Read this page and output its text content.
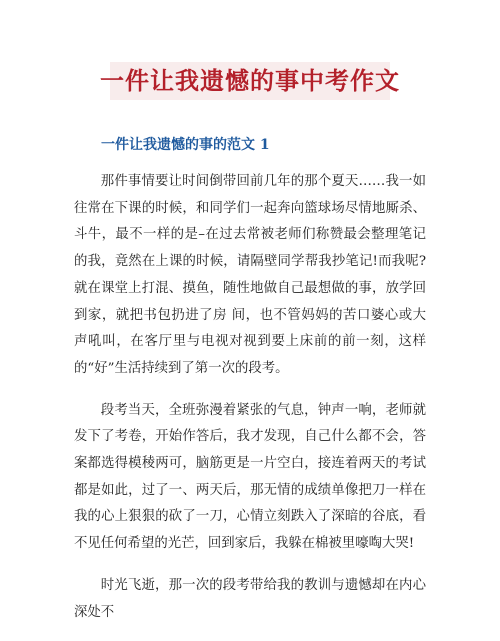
一件让我遗憾的事中考作文
一件让我遗憾的事的范文 1

那件事情要让时间倒带回前几年的那个夏天……我一如往常在下课的时候，和同学们一起奔向篮球场尽情地厮杀、斗牛，最不一样的是–在过去常被老师们称赞最会整理笔记的我，竟然在上课的时候，请隔壁同学帮我抄笔记!而我呢?就在课堂上打混、摸鱼，随性地做自己最想做的事，放学回到家，就把书包扔进了房 间，也不管妈妈的苦口婆心或大声吼叫，在客厅里与电视对视到要上床前的前一刻，这样的“好”生活持续到了第一次的段考。

段考当天，全班弥漫着紧张的气息，钟声一响，老师就发下了考卷，开始作答后，我才发现，自己什么都不会，答案都选得模稜两可，脑筋更是一片空白，接连着两天的考试都是如此，过了一、两天后，那无情的成绩单像把刀一样在我的心上狠狠的砍了一刀，心情立刻跌入了深暗的谷底，看不见任何希望的光芒，回到家后，我躲在棉被里嚎啕大哭!

时光飞逝，那一次的段考带给我的教训与遗憾却在内心深处不
